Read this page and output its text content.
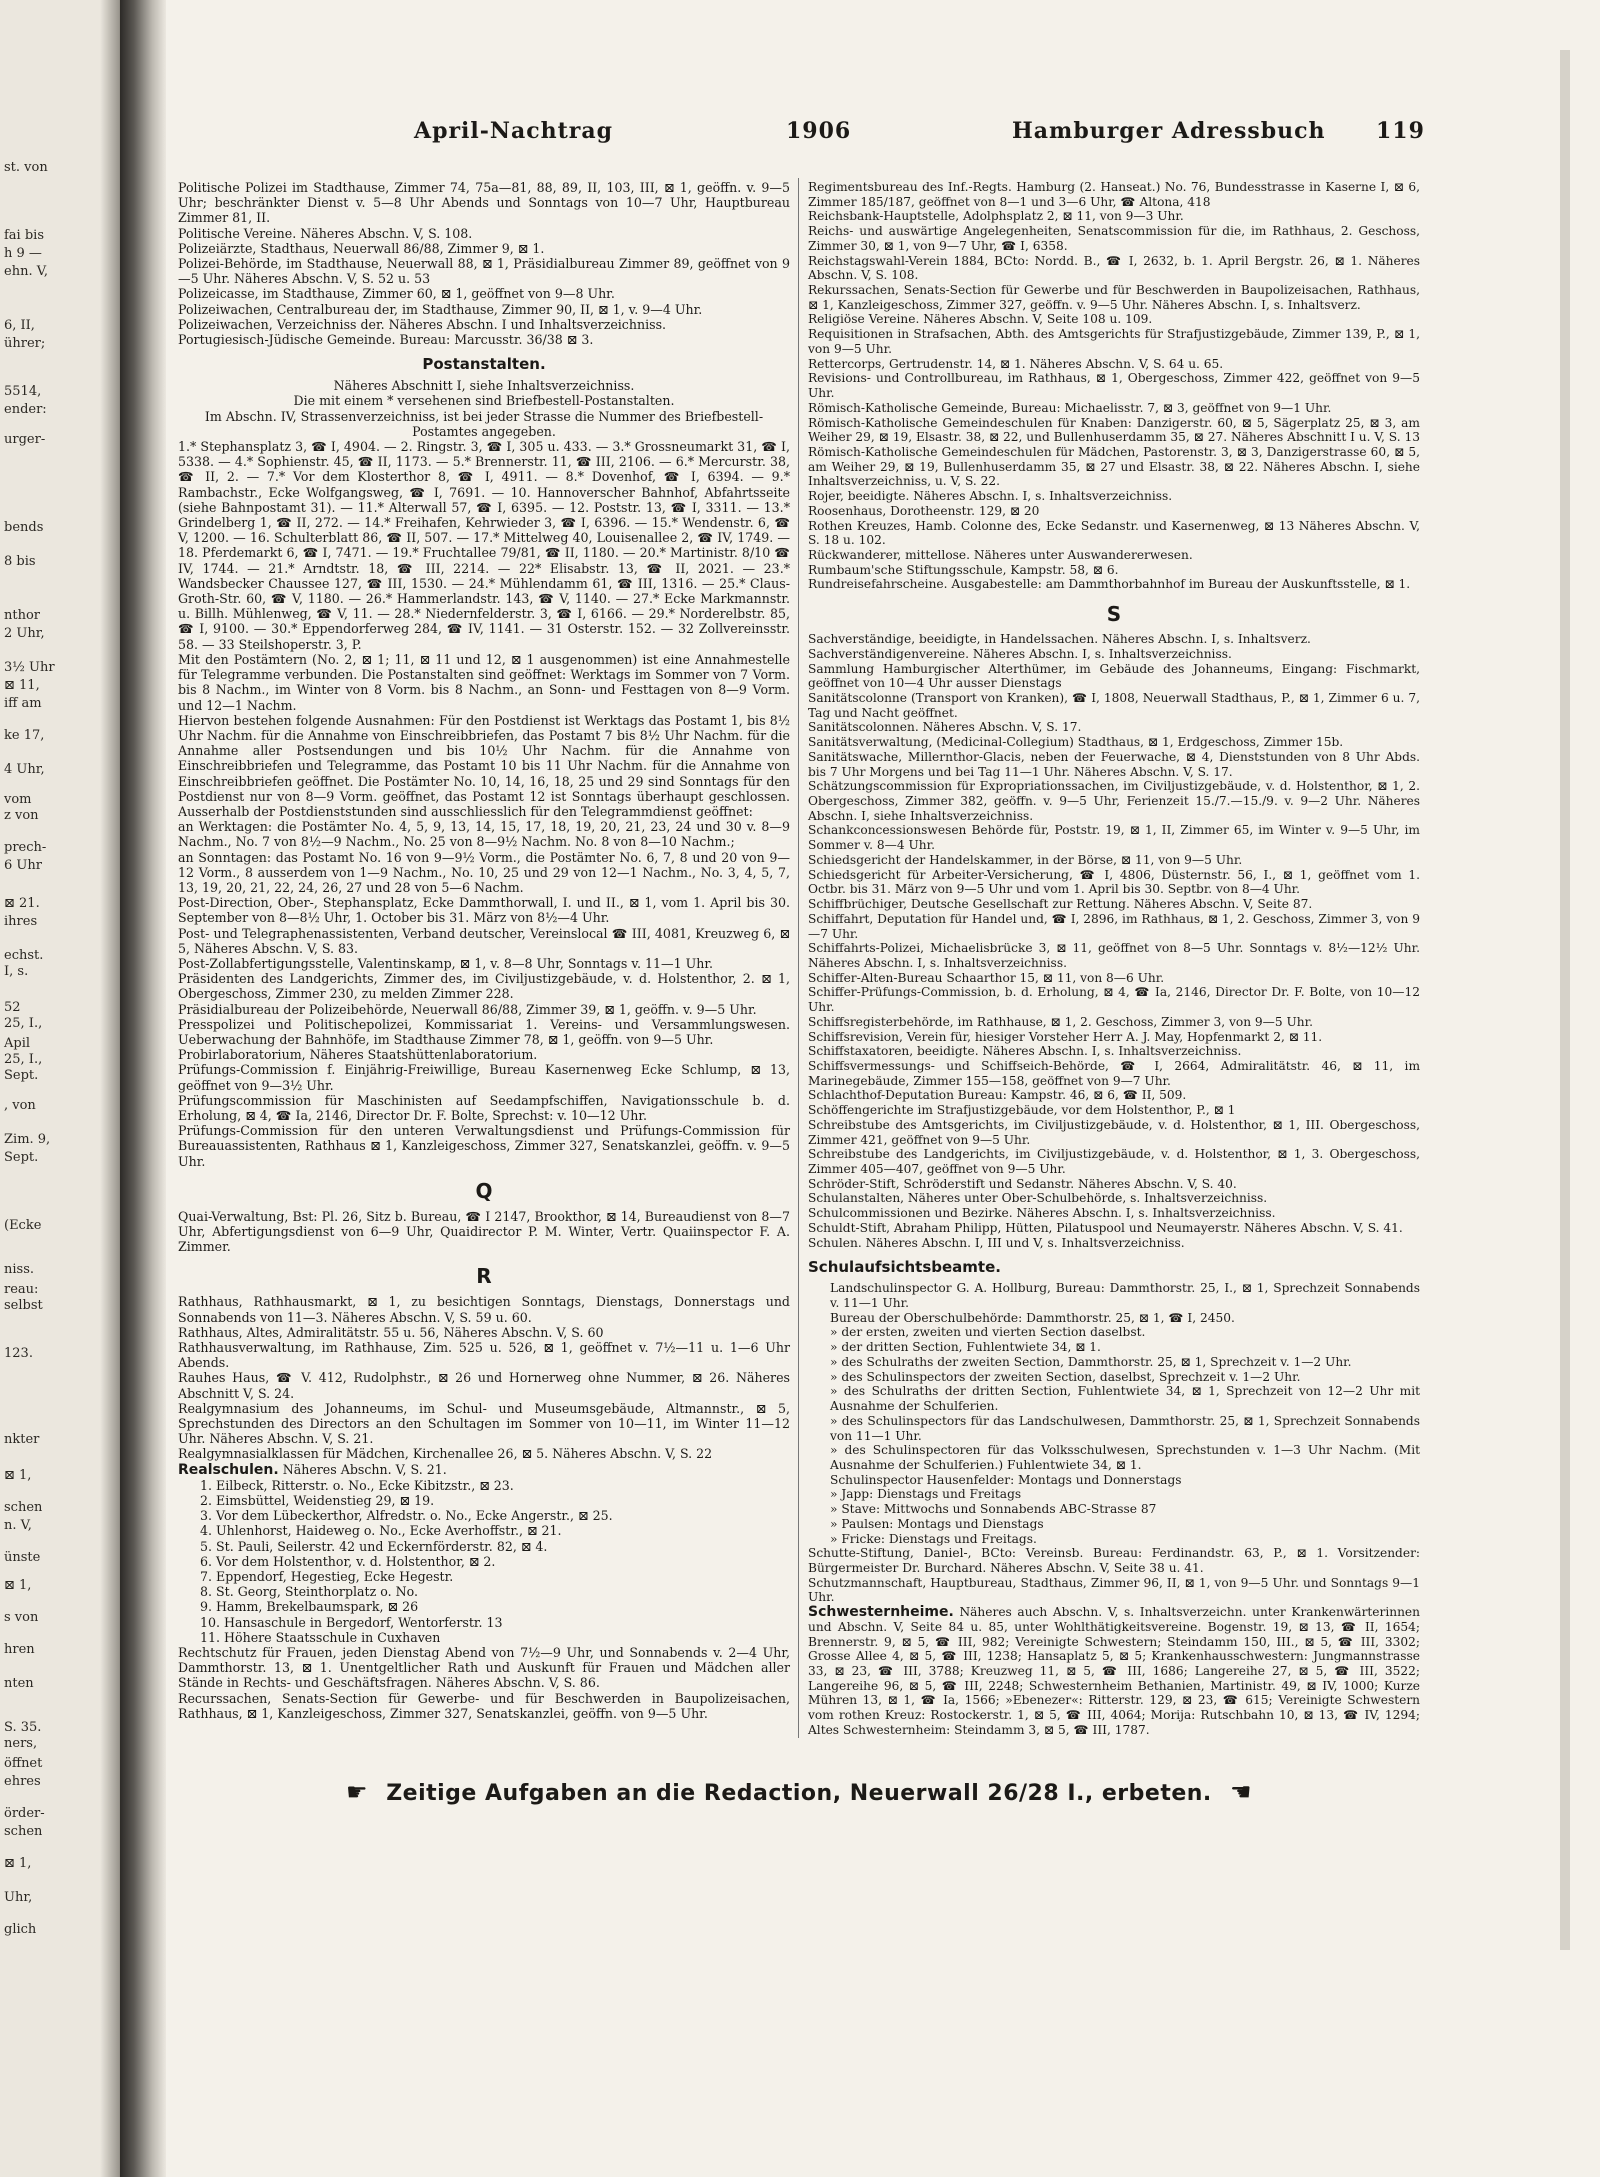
st. von
fai bis
h 9 —
ehn. V,
6, II,
ührer;
5514,
ender:
urger-
bends
8 bis
nthor
2 Uhr,
3½ Uhr
⊠ 11,
iff am
ke 17,
4 Uhr,
vom
z von
prech-
6 Uhr
⊠ 21.
ihres
echst.
I, s.
52
25, I.,
Apil
25, I.,
Sept.
, von
Zim. 9,
Sept.
(Ecke
niss.
reau:
selbst
123.
nkter
⊠ 1,
schen
n. V,
ünste
⊠ 1,
s von
hren
nten
S. 35.
ners,
öffnet
ehres
örder-
schen
⊠ 1,
Uhr,
glich
April-Nachtrag	1906	Hamburger Adressbuch 119

Politische Polizei im Stadthause, Zimmer 74, 75a—81, 88, 89, II, 103, III, ⊠ 1, geöffn. v. 9—5 Uhr; beschränkter Dienst v. 5—8 Uhr Abends und Sonntags von 10—7 Uhr, Hauptbureau Zimmer 81, II.

Politische Vereine. Näheres Abschn. V, S. 108.

Polizeiärzte, Stadthaus, Neuerwall 86/88, Zimmer 9, ⊠ 1.

Polizei-Behörde, im Stadthause, Neuerwall 88, ⊠ 1, Präsidialbureau Zimmer 89, geöffnet von 9—5 Uhr. Näheres Abschn. V, S. 52 u. 53

Polizeicasse, im Stadthause, Zimmer 60, ⊠ 1, geöffnet von 9—8 Uhr.

Polizeiwachen, Centralbureau der, im Stadthause, Zimmer 90, II, ⊠ 1, v. 9—4 Uhr.

Polizeiwachen, Verzeichniss der. Näheres Abschn. I und Inhaltsverzeichniss.

Portugiesisch-Jüdische Gemeinde. Bureau: Marcusstr. 36/38 ⊠ 3.

Postanstalten.

Näheres Abschnitt I, siehe Inhaltsverzeichniss.

Die mit einem * versehenen sind Briefbestell-Postanstalten.

Im Abschn. IV, Strassenverzeichniss, ist bei jeder Strasse die Nummer des Briefbestell-Postamtes angegeben.

1.* Stephansplatz 3, ☎ I, 4904. — 2. Ringstr. 3, ☎ I, 305 u. 433. — 3.* Grossneumarkt 31, ☎ I, 5338. — 4.* Sophienstr. 45, ☎ II, 1173. — 5.* Brennerstr. 11, ☎ III, 2106. — 6.* Mercurstr. 38, ☎ II, 2. — 7.* Vor dem Klosterthor 8, ☎ I, 4911. — 8.* Dovenhof, ☎ I, 6394. — 9.* Rambachstr., Ecke Wolfgangsweg, ☎ I, 7691. — 10. Hannoverscher Bahnhof, Abfahrtsseite (siehe Bahnpostamt 31). — 11.* Alterwall 57, ☎ I, 6395. — 12. Poststr. 13, ☎ I, 3311. — 13.* Grindelberg 1, ☎ II, 272. — 14.* Freihafen, Kehrwieder 3, ☎ I, 6396. — 15.* Wendenstr. 6, ☎ V, 1200. — 16. Schulterblatt 86, ☎ II, 507. — 17.* Mittelweg 40, Louisenallee 2, ☎ IV, 1749. — 18. Pferdemarkt 6, ☎ I, 7471. — 19.* Fruchtallee 79/81, ☎ II, 1180. — 20.* Martinistr. 8/10 ☎ IV, 1744. — 21.* Arndtstr. 18, ☎ III, 2214. — 22* Elisabstr. 13, ☎ II, 2021. — 23.* Wandsbecker Chaussee 127, ☎ III, 1530. — 24.* Mühlendamm 61, ☎ III, 1316. — 25.* Claus-Groth-Str. 60, ☎ V, 1180. — 26.* Hammerlandstr. 143, ☎ V, 1140. — 27.* Ecke Markmannstr. u. Billh. Mühlenweg, ☎ V, 11. — 28.* Niedernfelderstr. 3, ☎ I, 6166. — 29.* Norderelbstr. 85, ☎ I, 9100. — 30.* Eppendorferweg 284, ☎ IV, 1141. — 31 Osterstr. 152. — 32 Zollvereinsstr. 58. — 33 Steilshoperstr. 3, P.

Mit den Postämtern (No. 2, ⊠ 1; 11, ⊠ 11 und 12, ⊠ 1 ausgenommen) ist eine Annahmestelle für Telegramme verbunden. Die Postanstalten sind geöffnet: Werktags im Sommer von 7 Vorm. bis 8 Nachm., im Winter von 8 Vorm. bis 8 Nachm., an Sonn- und Festtagen von 8—9 Vorm. und 12—1 Nachm.

Hiervon bestehen folgende Ausnahmen: Für den Postdienst ist Werktags das Postamt 1, bis 8½ Uhr Nachm. für die Annahme von Einschreibbriefen, das Postamt 7 bis 8½ Uhr Nachm. für die Annahme aller Postsendungen und bis 10½ Uhr Nachm. für die Annahme von Einschreibbriefen und Telegramme, das Postamt 10 bis 11 Uhr Nachm. für die Annahme von Einschreibbriefen geöffnet. Die Postämter No. 10, 14, 16, 18, 25 und 29 sind Sonntags für den Postdienst nur von 8—9 Vorm. geöffnet, das Postamt 12 ist Sonntags überhaupt geschlossen. Ausserhalb der Postdienststunden sind ausschliesslich für den Telegrammdienst geöffnet:

an Werktagen: die Postämter No. 4, 5, 9, 13, 14, 15, 17, 18, 19, 20, 21, 23, 24 und 30 v. 8—9 Nachm., No. 7 von 8½—9 Nachm., No. 25 von 8—9½ Nachm. No. 8 von 8—10 Nachm.;

an Sonntagen: das Postamt No. 16 von 9—9½ Vorm., die Postämter No. 6, 7, 8 und 20 von 9—12 Vorm., 8 ausserdem von 1—9 Nachm., No. 10, 25 und 29 von 12—1 Nachm., No. 3, 4, 5, 7, 13, 19, 20, 21, 22, 24, 26, 27 und 28 von 5—6 Nachm.

Post-Direction, Ober-, Stephansplatz, Ecke Dammthorwall, I. und II., ⊠ 1, vom 1. April bis 30. September von 8—8½ Uhr, 1. October bis 31. März von 8½—4 Uhr.

Post- und Telegraphenassistenten, Verband deutscher, Vereinslocal ☎ III, 4081, Kreuzweg 6, ⊠ 5, Näheres Abschn. V, S. 83.

Post-Zollabfertigungsstelle, Valentinskamp, ⊠ 1, v. 8—8 Uhr, Sonntags v. 11—1 Uhr.

Präsidenten des Landgerichts, Zimmer des, im Civiljustizgebäude, v. d. Holstenthor, 2. ⊠ 1, Obergeschoss, Zimmer 230, zu melden Zimmer 228.

Präsidialbureau der Polizeibehörde, Neuerwall 86/88, Zimmer 39, ⊠ 1, geöffn. v. 9—5 Uhr.

Presspolizei und Politischepolizei, Kommissariat 1. Vereins- und Versammlungswesen. Ueberwachung der Bahnhöfe, im Stadthause Zimmer 78, ⊠ 1, geöffn. von 9—5 Uhr.

Probirlaboratorium, Näheres Staatshüttenlaboratorium.

Prüfungs-Commission f. Einjährig-Freiwillige, Bureau Kasernenweg Ecke Schlump, ⊠ 13, geöffnet von 9—3½ Uhr.

Prüfungscommission für Maschinisten auf Seedampfschiffen, Navigationsschule b. d. Erholung, ⊠ 4, ☎ Ia, 2146, Director Dr. F. Bolte, Sprechst: v. 10—12 Uhr.

Prüfungs-Commission für den unteren Verwaltungsdienst und Prüfungs-Commission für Bureauassistenten, Rathhaus ⊠ 1, Kanzleigeschoss, Zimmer 327, Senatskanzlei, geöffn. v. 9—5 Uhr.

Q

Quai-Verwaltung, Bst: Pl. 26, Sitz b. Bureau, ☎ I 2147, Brookthor, ⊠ 14, Bureaudienst von 8—7 Uhr, Abfertigungsdienst von 6—9 Uhr, Quaidirector P. M. Winter, Vertr. Quaiinspector F. A. Zimmer.

R

Rathhaus, Rathhausmarkt, ⊠ 1, zu besichtigen Sonntags, Dienstags, Donnerstags und Sonnabends von 11—3. Näheres Abschn. V, S. 59 u. 60.

Rathhaus, Altes, Admiralitätstr. 55 u. 56, Näheres Abschn. V, S. 60

Rathhausverwaltung, im Rathhause, Zim. 525 u. 526, ⊠ 1, geöffnet v. 7½—11 u. 1—6 Uhr Abends.

Rauhes Haus, ☎ V. 412, Rudolphstr., ⊠ 26 und Hornerweg ohne Nummer, ⊠ 26. Näheres Abschnitt V, S. 24.

Realgymnasium des Johanneums, im Schul- und Museumsgebäude, Altmannstr., ⊠ 5, Sprechstunden des Directors an den Schultagen im Sommer von 10—11, im Winter 11—12 Uhr. Näheres Abschn. V, S. 21.

Realgymnasialklassen für Mädchen, Kirchenallee 26, ⊠ 5. Näheres Abschn. V, S. 22

Realschulen. Näheres Abschn. V, S. 21.

1. Eilbeck, Ritterstr. o. No., Ecke Kibitzstr., ⊠ 23.

2. Eimsbüttel, Weidenstieg 29, ⊠ 19.

3. Vor dem Lübeckerthor, Alfredstr. o. No., Ecke Angerstr., ⊠ 25.

4. Uhlenhorst, Haideweg o. No., Ecke Averhoffstr., ⊠ 21.

5. St. Pauli, Seilerstr. 42 und Eckernförderstr. 82, ⊠ 4.

6. Vor dem Holstenthor, v. d. Holstenthor, ⊠ 2.

7. Eppendorf, Hegestieg, Ecke Hegestr.

8. St. Georg, Steinthorplatz o. No.

9. Hamm, Brekelbaumspark, ⊠ 26

10. Hansaschule in Bergedorf, Wentorferstr. 13

11. Höhere Staatsschule in Cuxhaven

Rechtschutz für Frauen, jeden Dienstag Abend von 7½—9 Uhr, und Sonnabends v. 2—4 Uhr, Dammthorstr. 13, ⊠ 1. Unentgeltlicher Rath und Auskunft für Frauen und Mädchen aller Stände in Rechts- und Geschäftsfragen. Näheres Abschn. V, S. 86.

Recurssachen, Senats-Section für Gewerbe- und für Beschwerden in Baupolizeisachen, Rathhaus, ⊠ 1, Kanzleigeschoss, Zimmer 327, Senatskanzlei, geöffn. von 9—5 Uhr.

Regimentsbureau des Inf.-Regts. Hamburg (2. Hanseat.) No. 76, Bundesstrasse in Kaserne I, ⊠ 6, Zimmer 185/187, geöffnet von 8—1 und 3—6 Uhr, ☎ Altona, 418

Reichsbank-Hauptstelle, Adolphsplatz 2, ⊠ 11, von 9—3 Uhr.

Reichs- und auswärtige Angelegenheiten, Senatscommission für die, im Rathhaus, 2. Geschoss, Zimmer 30, ⊠ 1, von 9—7 Uhr, ☎ I, 6358.

Reichstagswahl-Verein 1884, BCto: Nordd. B., ☎ I, 2632, b. 1. April Bergstr. 26, ⊠ 1. Näheres Abschn. V, S. 108.

Rekurssachen, Senats-Section für Gewerbe und für Beschwerden in Baupolizeisachen, Rathhaus, ⊠ 1, Kanzleigeschoss, Zimmer 327, geöffn. v. 9—5 Uhr. Näheres Abschn. I, s. Inhaltsverz.

Religiöse Vereine. Näheres Abschn. V, Seite 108 u. 109.

Requisitionen in Strafsachen, Abth. des Amtsgerichts für Strafjustizgebäude, Zimmer 139, P., ⊠ 1, von 9—5 Uhr.

Rettercorps, Gertrudenstr. 14, ⊠ 1. Näheres Abschn. V, S. 64 u. 65.

Revisions- und Controllbureau, im Rathhaus, ⊠ 1, Obergeschoss, Zimmer 422, geöffnet von 9—5 Uhr.

Römisch-Katholische Gemeinde, Bureau: Michaelisstr. 7, ⊠ 3, geöffnet von 9—1 Uhr.

Römisch-Katholische Gemeindeschulen für Knaben: Danzigerstr. 60, ⊠ 5, Sägerplatz 25, ⊠ 3, am Weiher 29, ⊠ 19, Elsastr. 38, ⊠ 22, und Bullenhuserdamm 35, ⊠ 27. Näheres Abschnitt I u. V, S. 13

Römisch-Katholische Gemeindeschulen für Mädchen, Pastorenstr. 3, ⊠ 3, Danzigerstrasse 60, ⊠ 5, am Weiher 29, ⊠ 19, Bullenhuserdamm 35, ⊠ 27 und Elsastr. 38, ⊠ 22. Näheres Abschn. I, siehe Inhaltsverzeichniss, u. V, S. 22.

Rojer, beeidigte. Näheres Abschn. I, s. Inhaltsverzeichniss.

Roosenhaus, Dorotheenstr. 129, ⊠ 20

Rothen Kreuzes, Hamb. Colonne des, Ecke Sedanstr. und Kasernenweg, ⊠ 13 Näheres Abschn. V, S. 18 u. 102.

Rückwanderer, mittellose. Näheres unter Auswandererwesen.

Rumbaum'sche Stiftungsschule, Kampstr. 58, ⊠ 6.

Rundreisefahrscheine. Ausgabestelle: am Dammthorbahnhof im Bureau der Auskunftsstelle, ⊠ 1.

S

Sachverständige, beeidigte, in Handelssachen. Näheres Abschn. I, s. Inhaltsverz.

Sachverständigenvereine. Näheres Abschn. I, s. Inhaltsverzeichniss.

Sammlung Hamburgischer Alterthümer, im Gebäude des Johanneums, Eingang: Fischmarkt, geöffnet von 10—4 Uhr ausser Dienstags

Sanitätscolonne (Transport von Kranken), ☎ I, 1808, Neuerwall Stadthaus, P., ⊠ 1, Zimmer 6 u. 7, Tag und Nacht geöffnet.

Sanitätscolonnen. Näheres Abschn. V, S. 17.

Sanitätsverwaltung, (Medicinal-Collegium) Stadthaus, ⊠ 1, Erdgeschoss, Zimmer 15b.

Sanitätswache, Millernthor-Glacis, neben der Feuerwache, ⊠ 4, Dienststunden von 8 Uhr Abds. bis 7 Uhr Morgens und bei Tag 11—1 Uhr. Näheres Abschn. V, S. 17.

Schätzungscommission für Expropriationssachen, im Civiljustizgebäude, v. d. Holstenthor, ⊠ 1, 2. Obergeschoss, Zimmer 382, geöffn. v. 9—5 Uhr, Ferienzeit 15./7.—15./9. v. 9—2 Uhr. Näheres Abschn. I, siehe Inhaltsverzeichniss.

Schankconcessionswesen Behörde für, Poststr. 19, ⊠ 1, II, Zimmer 65, im Winter v. 9—5 Uhr, im Sommer v. 8—4 Uhr.

Schiedsgericht der Handelskammer, in der Börse, ⊠ 11, von 9—5 Uhr.

Schiedsgericht für Arbeiter-Versicherung, ☎ I, 4806, Düsternstr. 56, I., ⊠ 1, geöffnet vom 1. Octbr. bis 31. März von 9—5 Uhr und vom 1. April bis 30. Septbr. von 8—4 Uhr.

Schiffbrüchiger, Deutsche Gesellschaft zur Rettung. Näheres Abschn. V, Seite 87.

Schiffahrt, Deputation für Handel und, ☎ I, 2896, im Rathhaus, ⊠ 1, 2. Geschoss, Zimmer 3, von 9—7 Uhr.

Schiffahrts-Polizei, Michaelisbrücke 3, ⊠ 11, geöffnet von 8—5 Uhr. Sonntags v. 8½—12½ Uhr. Näheres Abschn. I, s. Inhaltsverzeichniss.

Schiffer-Alten-Bureau Schaarthor 15, ⊠ 11, von 8—6 Uhr.

Schiffer-Prüfungs-Commission, b. d. Erholung, ⊠ 4, ☎ Ia, 2146, Director Dr. F. Bolte, von 10—12 Uhr.

Schiffsregisterbehörde, im Rathhause, ⊠ 1, 2. Geschoss, Zimmer 3, von 9—5 Uhr.

Schiffsrevision, Verein für, hiesiger Vorsteher Herr A. J. May, Hopfenmarkt 2, ⊠ 11.

Schiffstaxatoren, beeidigte. Näheres Abschn. I, s. Inhaltsverzeichniss.

Schiffsvermessungs- und Schiffseich-Behörde, ☎ I, 2664, Admiralitätstr. 46, ⊠ 11, im Marinegebäude, Zimmer 155—158, geöffnet von 9—7 Uhr.

Schlachthof-Deputation Bureau: Kampstr. 46, ⊠ 6, ☎ II, 509.

Schöffengerichte im Strafjustizgebäude, vor dem Holstenthor, P., ⊠ 1

Schreibstube des Amtsgerichts, im Civiljustizgebäude, v. d. Holstenthor, ⊠ 1, III. Obergeschoss, Zimmer 421, geöffnet von 9—5 Uhr.

Schreibstube des Landgerichts, im Civiljustizgebäude, v. d. Holstenthor, ⊠ 1, 3. Obergeschoss, Zimmer 405—407, geöffnet von 9—5 Uhr.

Schröder-Stift, Schröderstift und Sedanstr. Näheres Abschn. V, S. 40.

Schulanstalten, Näheres unter Ober-Schulbehörde, s. Inhaltsverzeichniss.

Schulcommissionen und Bezirke. Näheres Abschn. I, s. Inhaltsverzeichniss.

Schuldt-Stift, Abraham Philipp, Hütten, Pilatuspool und Neumayerstr. Näheres Abschn. V, S. 41.

Schulen. Näheres Abschn. I, III und V, s. Inhaltsverzeichniss.

Schulaufsichtsbeamte.

Landschulinspector G. A. Hollburg, Bureau: Dammthorstr. 25, I., ⊠ 1, Sprechzeit Sonnabends v. 11—1 Uhr.

Bureau der Oberschulbehörde: Dammthorstr. 25, ⊠ 1, ☎ I, 2450.

» der ersten, zweiten und vierten Section daselbst.

» der dritten Section, Fuhlentwiete 34, ⊠ 1.

» des Schulraths der zweiten Section, Dammthorstr. 25, ⊠ 1, Sprechzeit v. 1—2 Uhr.

» des Schulinspectors der zweiten Section, daselbst, Sprechzeit v. 1—2 Uhr.

» des Schulraths der dritten Section, Fuhlentwiete 34, ⊠ 1, Sprechzeit von 12—2 Uhr mit Ausnahme der Schulferien.

» des Schulinspectors für das Landschulwesen, Dammthorstr. 25, ⊠ 1, Sprechzeit Sonnabends von 11—1 Uhr.

» des Schulinspectoren für das Volksschulwesen, Sprechstunden v. 1—3 Uhr Nachm. (Mit Ausnahme der Schulferien.) Fuhlentwiete 34, ⊠ 1.

Schulinspector Hausenfelder: Montags und Donnerstags

» Japp: Dienstags und Freitags

» Stave: Mittwochs und Sonnabends ABC-Strasse 87

» Paulsen: Montags und Dienstags

» Fricke: Dienstags und Freitags.

Schutte-Stiftung, Daniel-, BCto: Vereinsb. Bureau: Ferdinandstr. 63, P., ⊠ 1. Vorsitzender: Bürgermeister Dr. Burchard. Näheres Abschn. V, Seite 38 u. 41.

Schutzmannschaft, Hauptbureau, Stadthaus, Zimmer 96, II, ⊠ 1, von 9—5 Uhr. und Sonntags 9—1 Uhr.

Schwesternheime. Näheres auch Abschn. V, s. Inhaltsverzeichn. unter Krankenwärterinnen und Abschn. V, Seite 84 u. 85, unter Wohlthätigkeitsvereine. Bogenstr. 19, ⊠ 13, ☎ II, 1654; Brennerstr. 9, ⊠ 5, ☎ III, 982; Vereinigte Schwestern; Steindamm 150, III., ⊠ 5, ☎ III, 3302; Grosse Allee 4, ⊠ 5, ☎ III, 1238; Hansaplatz 5, ⊠ 5; Krankenhausschwestern: Jungmannstrasse 33, ⊠ 23, ☎ III, 3788; Kreuzweg 11, ⊠ 5, ☎ III, 1686; Langereihe 27, ⊠ 5, ☎ III, 3522; Langereihe 96, ⊠ 5, ☎ III, 2248; Schwesternheim Bethanien, Martinistr. 49, ⊠ IV, 1000; Kurze Mühren 13, ⊠ 1, ☎ Ia, 1566; »Ebenezer«: Ritterstr. 129, ⊠ 23, ☎ 615; Vereinigte Schwestern vom rothen Kreuz: Rostockerstr. 1, ⊠ 5, ☎ III, 4064; Morija: Rutschbahn 10, ⊠ 13, ☎ IV, 1294; Altes Schwesternheim: Steindamm 3, ⊠ 5, ☎ III, 1787.

☛ Zeitige Aufgaben an die Redaction, Neuerwall 26/28 I., erbeten. ☚
